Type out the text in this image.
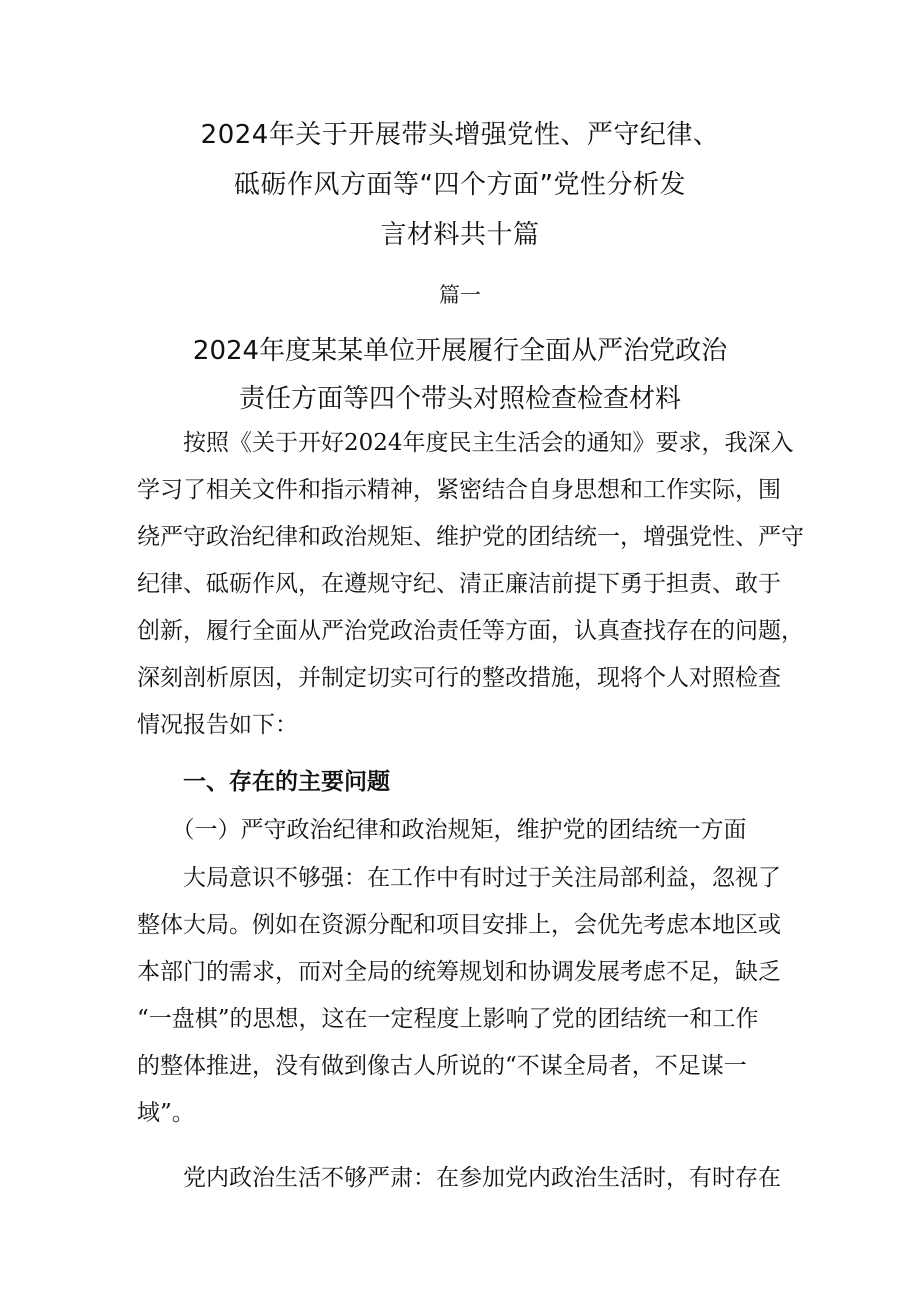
2024年关于开展带头增强党性、严守纪律、
砥砺作风方面等“四个方面”党性分析发
言材料共十篇
篇一
2024年度某某单位开展履行全面从严治党政治
责任方面等四个带头对照检查检查材料
　　按照《关于开好2024年度民主生活会的通知》要求，我深入
学习了相关文件和指示精神，紧密结合自身思想和工作实际，围
绕严守政治纪律和政治规矩、维护党的团结统一，增强党性、严守
纪律、砥砺作风，在遵规守纪、清正廉洁前提下勇于担责、敢于
创新，履行全面从严治党政治责任等方面，认真查找存在的问题，
深刻剖析原因，并制定切实可行的整改措施，现将个人对照检查
情况报告如下：
　　一、存在的主要问题
　　（一）严守政治纪律和政治规矩，维护党的团结统一方面
　　大局意识不够强：在工作中有时过于关注局部利益，忽视了
整体大局。例如在资源分配和项目安排上，会优先考虑本地区或
本部门的需求，而对全局的统筹规划和协调发展考虑不足，缺乏
“一盘棋”的思想，这在一定程度上影响了党的团结统一和工作
的整体推进，没有做到像古人所说的“不谋全局者，不足谋一
域”。
　　党内政治生活不够严肃：在参加党内政治生活时，有时存在
